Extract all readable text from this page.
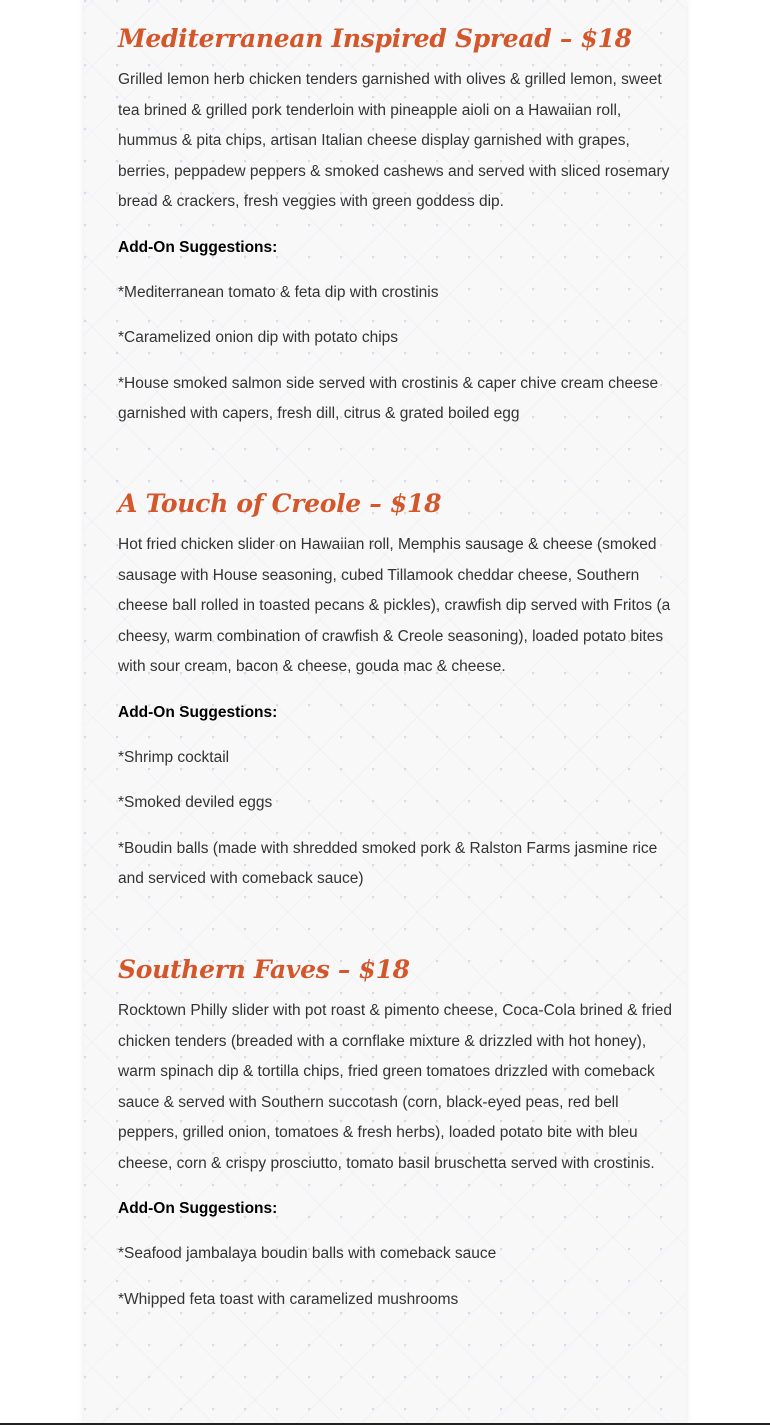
Mediterranean Inspired Spread – $18

Grilled lemon herb chicken tenders garnished with olives & grilled lemon, sweet tea brined & grilled pork tenderloin with pineapple aioli on a Hawaiian roll, hummus & pita chips, artisan Italian cheese display garnished with grapes, berries, peppadew peppers & smoked cashews and served with sliced rosemary bread & crackers, fresh veggies with green goddess dip.

Add-On Suggestions:

*Mediterranean tomato & feta dip with crostinis

*Caramelized onion dip with potato chips

*House smoked salmon side served with crostinis & caper chive cream cheese garnished with capers, fresh dill, citrus & grated boiled egg

A Touch of Creole – $18

Hot fried chicken slider on Hawaiian roll, Memphis sausage & cheese (smoked sausage with House seasoning, cubed Tillamook cheddar cheese, Southern cheese ball rolled in toasted pecans & pickles), crawfish dip served with Fritos (a cheesy, warm combination of crawfish & Creole seasoning), loaded potato bites with sour cream, bacon & cheese, gouda mac & cheese.

Add-On Suggestions:

*Shrimp cocktail

*Smoked deviled eggs

*Boudin balls (made with shredded smoked pork & Ralston Farms jasmine rice and serviced with comeback sauce)

Southern Faves – $18

Rocktown Philly slider with pot roast & pimento cheese, Coca-Cola brined & fried chicken tenders (breaded with a cornflake mixture & drizzled with hot honey), warm spinach dip & tortilla chips, fried green tomatoes drizzled with comeback sauce & served with Southern succotash (corn, black-eyed peas, red bell peppers, grilled onion, tomatoes & fresh herbs), loaded potato bite with bleu cheese, corn & crispy prosciutto, tomato basil bruschetta served with crostinis.

Add-On Suggestions:

*Seafood jambalaya boudin balls with comeback sauce

*Whipped feta toast with caramelized mushrooms
